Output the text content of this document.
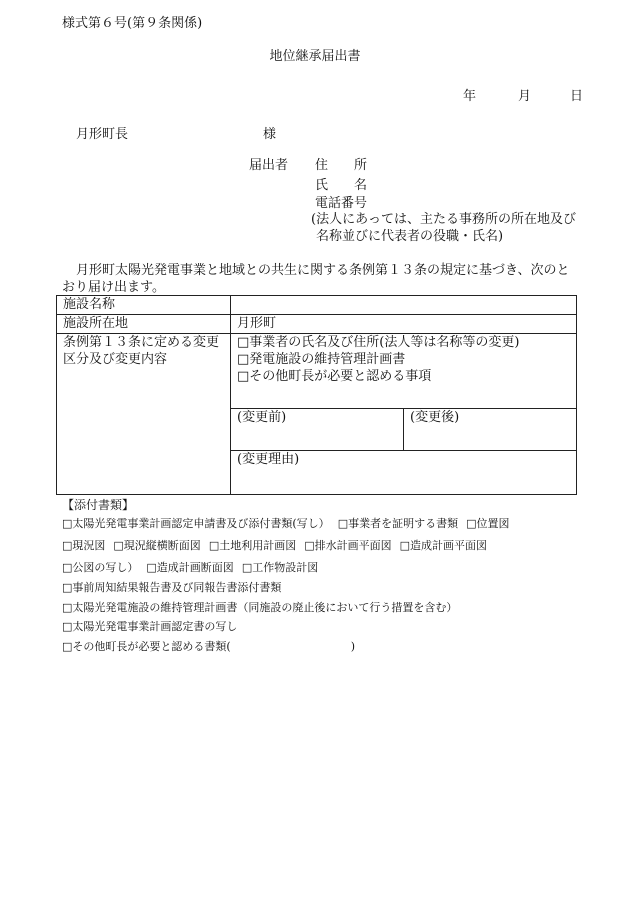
様式第６号(第９条関係)
地位継承届出書
年	月	日
月形町長	様
届出者 住　　所
氏　　名
電話番号
(法人にあっては、主たる事務所の所在地及び
名称並びに代表者の役職・氏名)
月形町太陽光発電事業と地域との共生に関する条例第１３条の規定に基づき、次のと
おり届け出ます。
施設名称		
施設所在地	月形町	

条例第１３条に定める変更
区分及び変更内容	□事業者の氏名及び住所(法人等は名称等の変更)
□発電施設の維持管理計画書
□その他町長が必要と認める事項	

	(変更前)	(変更後)

	(変更理由)	
【添付書類】
□太陽光発電事業計画認定申請書及び添付書類(写し） □事業者を証明する書類 □位置図
□現況図 □現況縦横断面図 □土地利用計画図 □排水計画平面図 □造成計画平面図
□公図の写し） □造成計画断面図 □工作物設計図
□事前周知結果報告書及び同報告書添付書類
□太陽光発電施設の維持管理計画書（同施設の廃止後において行う措置を含む）
□太陽光発電事業計画認定書の写し
□その他町長が必要と認める書類(	)
